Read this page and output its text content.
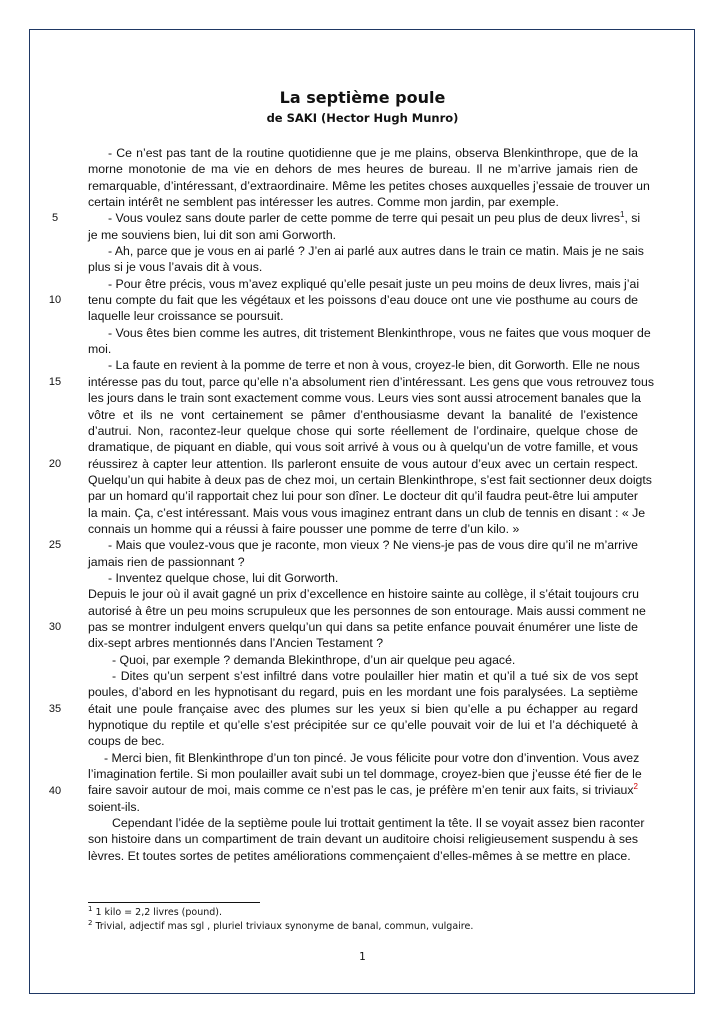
La septième poule
de SAKI (Hector Hugh Munro)
- Ce n’est pas tant de la routine quotidienne que je me plains, observa Blenkinthrope, que de la
morne monotonie de ma vie en dehors de mes heures de bureau. Il ne m’arrive jamais rien de
remarquable, d’intéressant, d’extraordinaire. Même les petites choses auxquelles j’essaie de trouver un
certain intérêt ne semblent pas intéresser les autres. Comme mon jardin, par exemple.
- Vous voulez sans doute parler de cette pomme de terre qui pesait un peu plus de deux livres$^1$, si
je me souviens bien, lui dit son ami Gorworth.
- Ah, parce que je vous en ai parlé ? J’en ai parlé aux autres dans le train ce matin. Mais je ne sais
plus si je vous l’avais dit à vous.
- Pour être précis, vous m’avez expliqué qu’elle pesait juste un peu moins de deux livres, mais j’ai
tenu compte du fait que les végétaux et les poissons d’eau douce ont une vie posthume au cours de
laquelle leur croissance se poursuit.
- Vous êtes bien comme les autres, dit tristement Blenkinthrope, vous ne faites que vous moquer de
moi.
- La faute en revient à la pomme de terre et non à vous, croyez-le bien, dit Gorworth. Elle ne nous
intéresse pas du tout, parce qu’elle n’a absolument rien d’intéressant. Les gens que vous retrouvez tous
les jours dans le train sont exactement comme vous. Leurs vies sont aussi atrocement banales que la
vôtre et ils ne vont certainement se pâmer d’enthousiasme devant la banalité de l’existence
d’autrui. Non, racontez-leur quelque chose qui sorte réellement de l’ordinaire, quelque chose de
dramatique, de piquant en diable, qui vous soit arrivé à vous ou à quelqu’un de votre famille, et vous
réussirez à capter leur attention. Ils parleront ensuite de vous autour d’eux avec un certain respect.
Quelqu’un qui habite à deux pas de chez moi, un certain Blenkinthrope, s’est fait sectionner deux doigts
par un homard qu’il rapportait chez lui pour son dîner. Le docteur dit qu’il faudra peut-être lui amputer
la main. Ça, c’est intéressant. Mais vous vous imaginez entrant dans un club de tennis en disant : « Je
connais un homme qui a réussi à faire pousser une pomme de terre d’un kilo. »
- Mais que voulez-vous que je raconte, mon vieux ? Ne viens-je pas de vous dire qu’il ne m’arrive
jamais rien de passionnant ?
- Inventez quelque chose, lui dit Gorworth.
Depuis le jour où il avait gagné un prix d’excellence en histoire sainte au collège, il s’était toujours cru
autorisé à être un peu moins scrupuleux que les personnes de son entourage. Mais aussi comment ne
pas se montrer indulgent envers quelqu’un qui dans sa petite enfance pouvait énumérer une liste de
dix-sept arbres mentionnés dans l’Ancien Testament ?
- Quoi, par exemple ? demanda Blekinthrope, d’un air quelque peu agacé.
- Dites qu’un serpent s’est infiltré dans votre poulailler hier matin et qu’il a tué six de vos sept
poules, d’abord en les hypnotisant du regard, puis en les mordant une fois paralysées. La septième
était une poule française avec des plumes sur les yeux si bien qu’elle a pu échapper au regard
hypnotique du reptile et qu’elle s’est précipitée sur ce qu’elle pouvait voir de lui et l’a déchiqueté à
coups de bec.
- Merci bien, fit Blenkinthrope d’un ton pincé. Je vous félicite pour votre don d’invention. Vous avez
l’imagination fertile. Si mon poulailler avait subi un tel dommage, croyez-bien que j’eusse été fier de le
faire savoir autour de moi, mais comme ce n’est pas le cas, je préfère m’en tenir aux faits, si triviaux$^2$
soient-ils.
Cependant l’idée de la septième poule lui trottait gentiment la tête. Il se voyait assez bien raconter
son histoire dans un compartiment de train devant un auditoire choisi religieusement suspendu à ses
lèvres. Et toutes sortes de petites améliorations commençaient d’elles-mêmes à se mettre en place.
5
10
15
20
25
30
35
40
$^1$ 1 kilo = 2,2 livres (pound).
$^2$ Trivial, adjectif mas sgl , pluriel triviaux synonyme de banal, commun, vulgaire.
1
